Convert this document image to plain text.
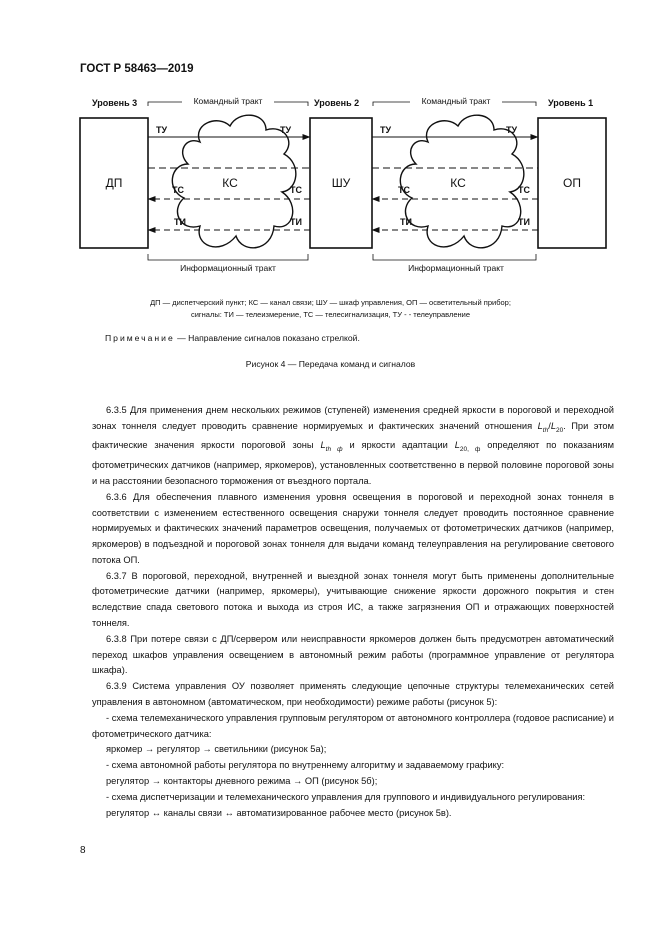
ГОСТ Р 58463—2019
Уровень 3	Уровень 2	Уровень 1
Командный тракт	Командный тракт
ДП	ШУ	ОП
КС	КС
ТУ	ТУ	ТУ	ТУ
ТС	ТС	ТС	ТС
ТИ	ТИ	ТИ	ТИ
Информационный тракт	Информационный тракт
ДП — диспетчерский пункт; КС — канал связи; ШУ — шкаф управления, ОП — осветительный прибор;
сигналы: ТИ — телеизмерение, ТС — телесигнализация, ТУ - - телеуправление
Примечание — Направление сигналов показано стрелкой.
Рисунок 4 — Передача команд и сигналов

6.3.5 Для применения днем нескольких режимов (ступеней) изменения средней яркости в пороговой и переходной зонах тоннеля следует проводить сравнение нормируемых и фактических значений отношения $L_{th}/L_{20}$. При этом фактические значения яркости пороговой зоны $L_{th ф}$ и яркости адаптации $L_{20, ф}$ определяют по показаниям фотометрических датчиков (например, яркомеров), установленных соответственно в первой половине пороговой зоны и на расстоянии безопасного торможения от въездного портала.

6.3.6 Для обеспечения плавного изменения уровня освещения в пороговой и переходной зонах тоннеля в соответствии с изменением естественного освещения снаружи тоннеля следует проводить постоянное сравнение нормируемых и фактических значений параметров освещения, получаемых от фотометрических датчиков (например, яркомеров) в подъездной и пороговой зонах тоннеля для выдачи команд телеуправления на регулирование светового потока ОП.

6.3.7 В пороговой, переходной, внутренней и выездной зонах тоннеля могут быть применены дополнительные фотометрические датчики (например, яркомеры), учитывающие снижение яркости дорожного покрытия и стен вследствие спада светового потока и выхода из строя ИС, а также загрязнения ОП и отражающих поверхностей тоннеля.

6.3.8 При потере связи с ДП/сервером или неисправности яркомеров должен быть предусмотрен автоматический переход шкафов управления освещением в автономный режим работы (программное управление от регулятора шкафа).

6.3.9 Система управления ОУ позволяет применять следующие цепочные структуры телемеханических сетей управления в автономном (автоматическом, при необходимости) режиме работы (рисунок 5):

- схема телемеханического управления групповым регулятором от автономного контроллера (годовое расписание) и фотометрического датчика:

яркомер → регулятор → светильники (рисунок 5а);

- схема автономной работы регулятора по внутреннему алгоритму и задаваемому графику:

регулятор → контакторы дневного режима → ОП (рисунок 5б);

- схема диспетчеризации и телемеханического управления для группового и индивидуального регулирования:

регулятор ↔ каналы связи ↔ автоматизированное рабочее место (рисунок 5в).

8
